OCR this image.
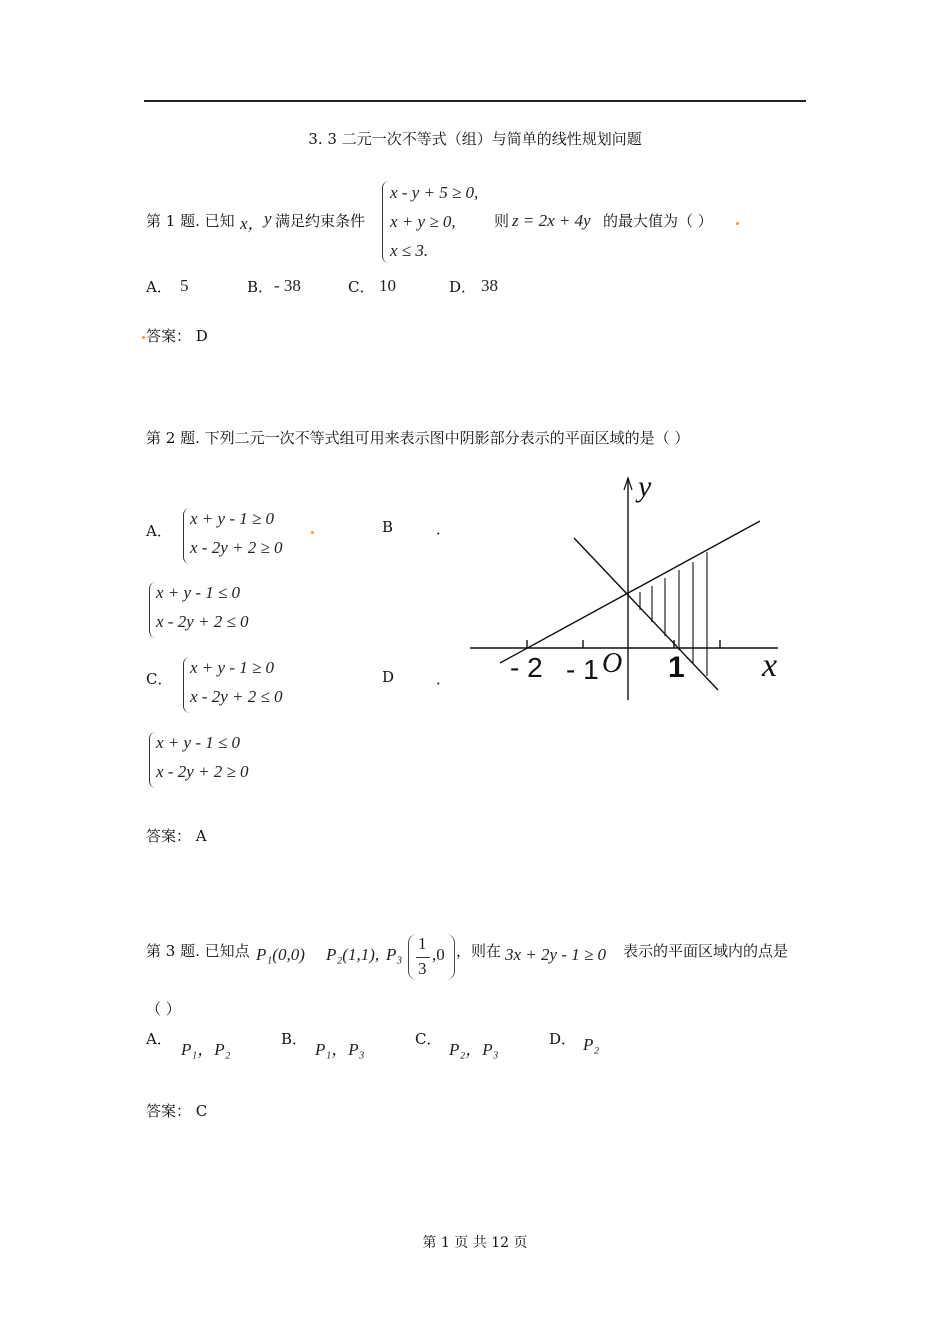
3. 3 二元一次不等式（组）与简单的线性规划问题
第 1 题. 已知 x， y 满足约束条件
x - y + 5 ≥ 0,
x + y ≥ 0,
x ≤ 3.
则 z = 2x + 4y 的最大值为（ ）
A． 5	B． - 38	C． 10	D． 38
答案： D
第 2 题. 下列二元一次不等式组可用来表示图中阴影部分表示的平面区域的是（ ）
A．
x + y - 1 ≥ 0
x - 2y + 2 ≥ 0
B	．
x + y - 1 ≤ 0
x - 2y + 2 ≤ 0
C．
x + y - 1 ≥ 0
x - 2y + 2 ≤ 0
D	．
x + y - 1 ≤ 0
x - 2y + 2 ≥ 0
y
x
O
- 2 - 1 1
答案： A
第 3 题. 已知点 P₁(0,0) P₂(1,1), P₃
1
3
,0 ，则在 3x + 2y - 1 ≥ 0 表示的平面区域内的点是
（ ）
A．
P₁，P₂
B．
P₁，P₃
C．
P₂，P₃
D． P₂
答案： C
第 1 页 共 12 页
